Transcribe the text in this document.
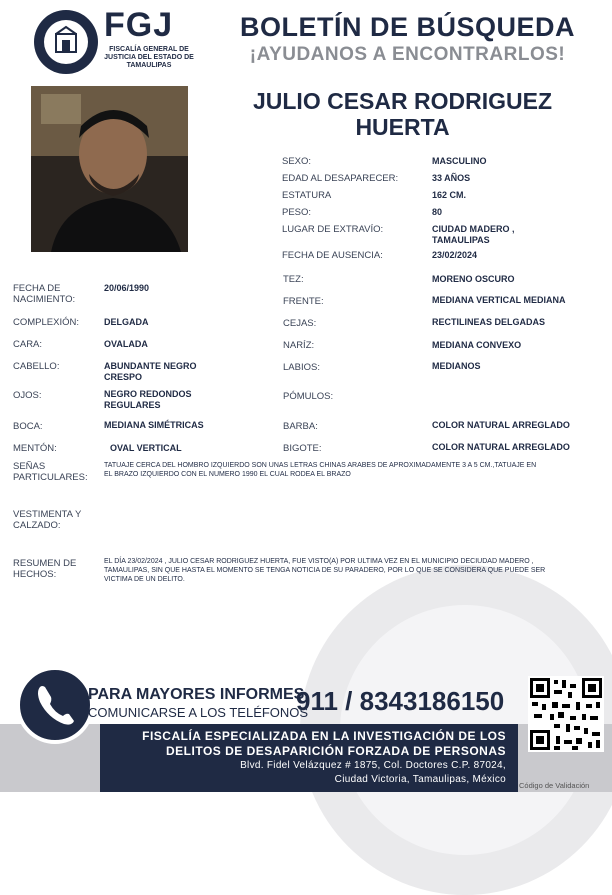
FGJ
FISCALÍA GENERAL DE JUSTICIA DEL ESTADO DE TAMAULIPAS
BOLETÍN DE BÚSQUEDA
¡AYUDANOS A ENCONTRARLOS!
JULIO CESAR RODRIGUEZ HUERTA
SEXO:	MASCULINO
EDAD AL DESAPARECER:	33 AÑOS
ESTATURA	162 CM.
PESO:	80
LUGAR DE EXTRAVÍO:	CIUDAD MADERO , TAMAULIPAS
FECHA DE AUSENCIA:	23/02/2024
FECHA DE NACIMIENTO:
20/06/1990
COMPLEXIÓN:	DELGADA
CARA:	OVALADA
CABELLO:	ABUNDANTE NEGRO CRESPO
OJOS:	NEGRO REDONDOS REGULARES
BOCA:	MEDIANA SIMÉTRICAS
MENTÓN:	OVAL VERTICAL
TEZ:	MORENO OSCURO
FRENTE:	MEDIANA VERTICAL MEDIANA
CEJAS:	RECTILINEAS DELGADAS
NARÍZ:	MEDIANA CONVEXO
LABIOS:	MEDIANOS
PÓMULOS:
BARBA:	COLOR NATURAL ARREGLADO
BIGOTE:	COLOR NATURAL ARREGLADO
SEÑAS PARTICULARES:
TATUAJE CERCA DEL HOMBRO IZQUIERDO SON UNAS LETRAS CHINAS ARABES DE APROXIMADAMENTE 3 A 5 CM.,TATUAJE EN EL BRAZO IZQUIERDO CON EL NUMERO 1990 EL CUAL RODEA EL BRAZO
VESTIMENTA Y CALZADO:
RESUMEN DE HECHOS:
EL DÍA 23/02/2024 , JULIO CESAR RODRIGUEZ HUERTA, FUE VISTO(A) POR ULTIMA VEZ EN EL MUNICIPIO DECIUDAD MADERO , TAMAULIPAS, SIN QUE HASTA EL MOMENTO SE TENGA NOTICIA DE SU PARADERO, POR LO QUE SE CONSIDERA QUE PUEDE SER VICTIMA DE UN DELITO.
FISCALÍA ESPECIALIZADA EN LA INVESTIGACIÓN DE LOS
DELITOS DE DESAPARICIÓN FORZADA DE PERSONAS
Blvd. Fidel Velázquez # 1875, Col. Doctores C.P. 87024,
Ciudad Victoria, Tamaulipas, México
PARA MAYORES INFORMES,
COMUNICARSE A LOS TELÉFONOS
911 / 8343186150
Código de Validación
